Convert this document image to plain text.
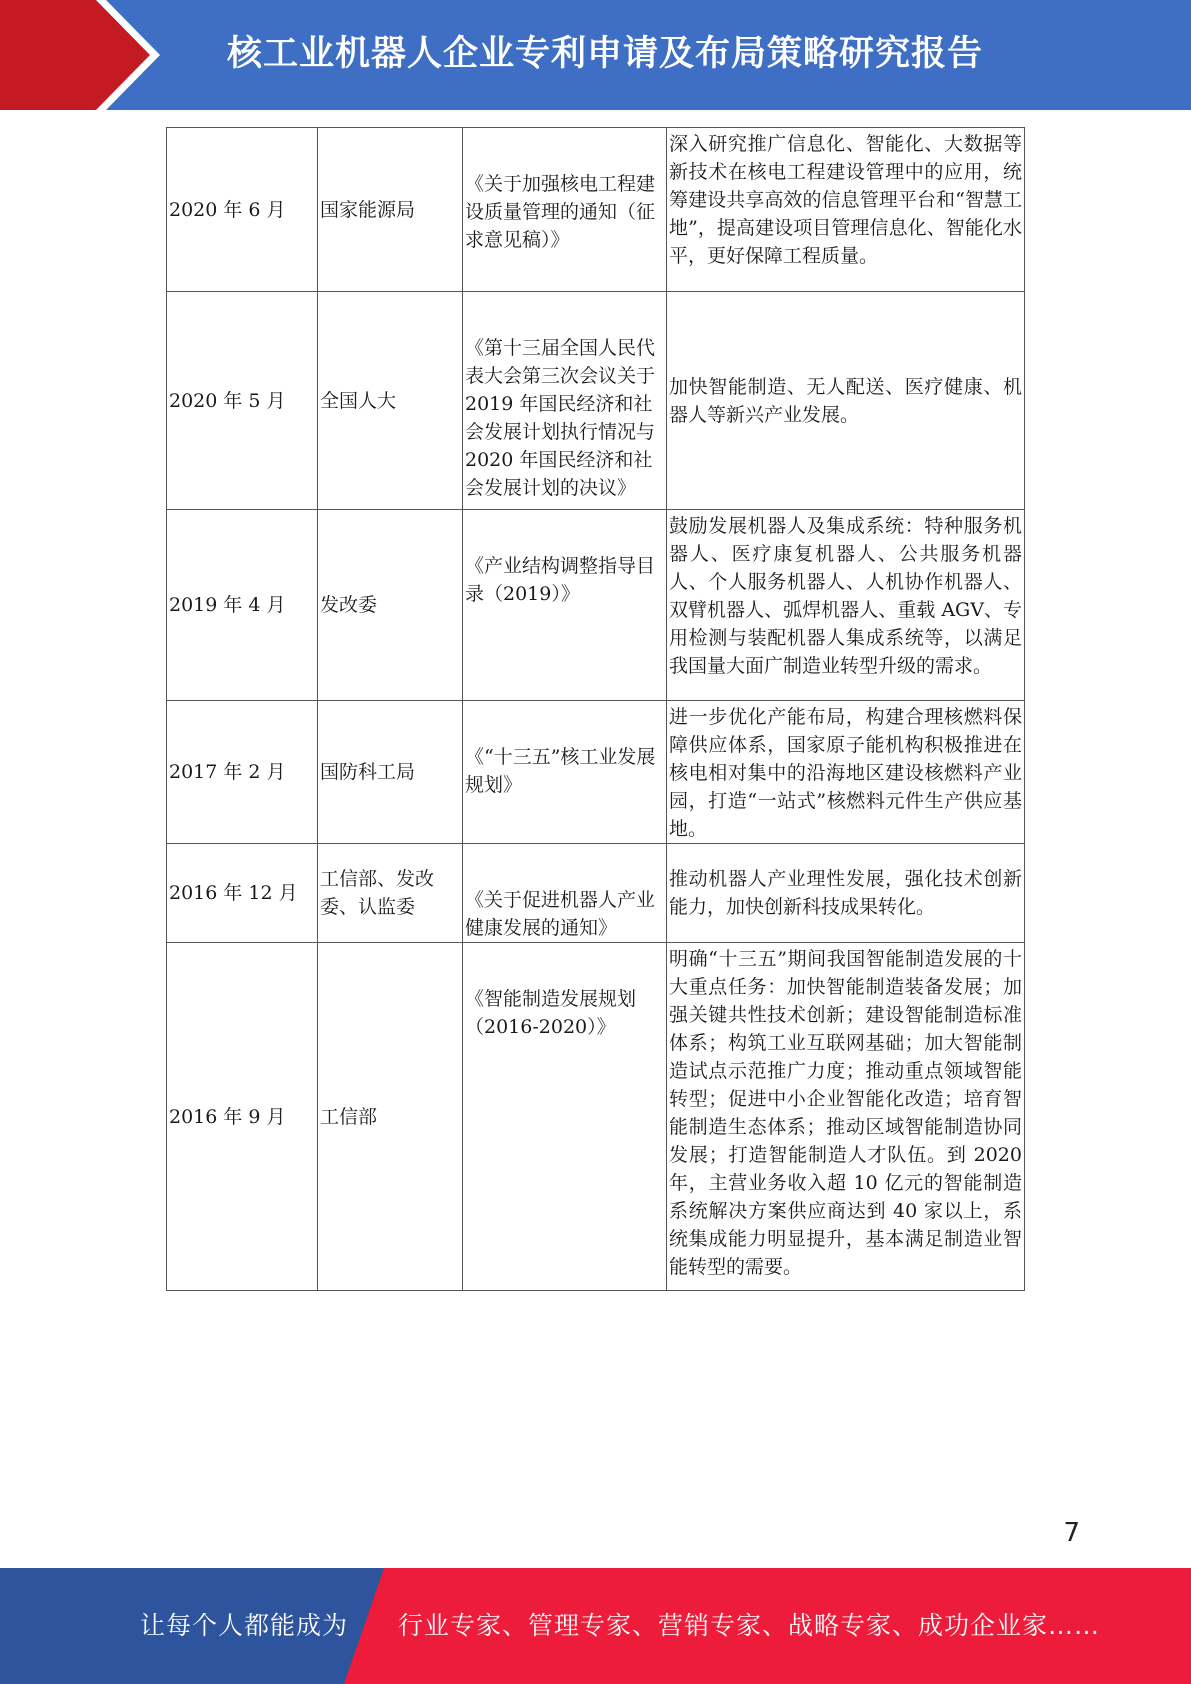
核工业机器人企业专利申请及布局策略研究报告
2020 年 6 月	国家能源局	《关于加强核电工程建设质量管理的通知（征求意见稿）》	深入研究推广信息化、智能化、大数据等新技术在核电工程建设管理中的应用，统筹建设共享高效的信息管理平台和“智慧工地”，提高建设项目管理信息化、智能化水平，更好保障工程质量。
2020 年 5 月	全国人大	《第十三届全国人民代表大会第三次会议关于 2019 年国民经济和社会发展计划执行情况与 2020 年国民经济和社会发展计划的决议》	加快智能制造、无人配送、医疗健康、机器人等新兴产业发展。
2019 年 4 月	发改委	《产业结构调整指导目录（2019）》	鼓励发展机器人及集成系统：特种服务机器人、医疗康复机器人、公共服务机器人、个人服务机器人、人机协作机器人、双臂机器人、弧焊机器人、重载 AGV、专用检测与装配机器人集成系统等，以满足我国量大面广制造业转型升级的需求。
2017 年 2 月	国防科工局	《“十三五”核工业发展规划》	进一步优化产能布局，构建合理核燃料保障供应体系，国家原子能机构积极推进在核电相对集中的沿海地区建设核燃料产业园，打造“一站式”核燃料元件生产供应基地。
2016 年 12 月	工信部、发改委、认监委	《关于促进机器人产业健康发展的通知》	推动机器人产业理性发展，强化技术创新能力，加快创新科技成果转化。
2016 年 9 月	工信部	《智能制造发展规划（2016-2020）》	明确“十三五”期间我国智能制造发展的十大重点任务：加快智能制造装备发展；加强关键共性技术创新；建设智能制造标准体系；构筑工业互联网基础；加大智能制造试点示范推广力度；推动重点领域智能转型；促进中小企业智能化改造；培育智能制造生态体系；推动区域智能制造协同发展；打造智能制造人才队伍。到 2020 年，主营业务收入超 10 亿元的智能制造系统解决方案供应商达到 40 家以上，系统集成能力明显提升，基本满足制造业智能转型的需要。
7
让每个人都能成为 行业专家、管理专家、营销专家、战略专家、成功企业家……
